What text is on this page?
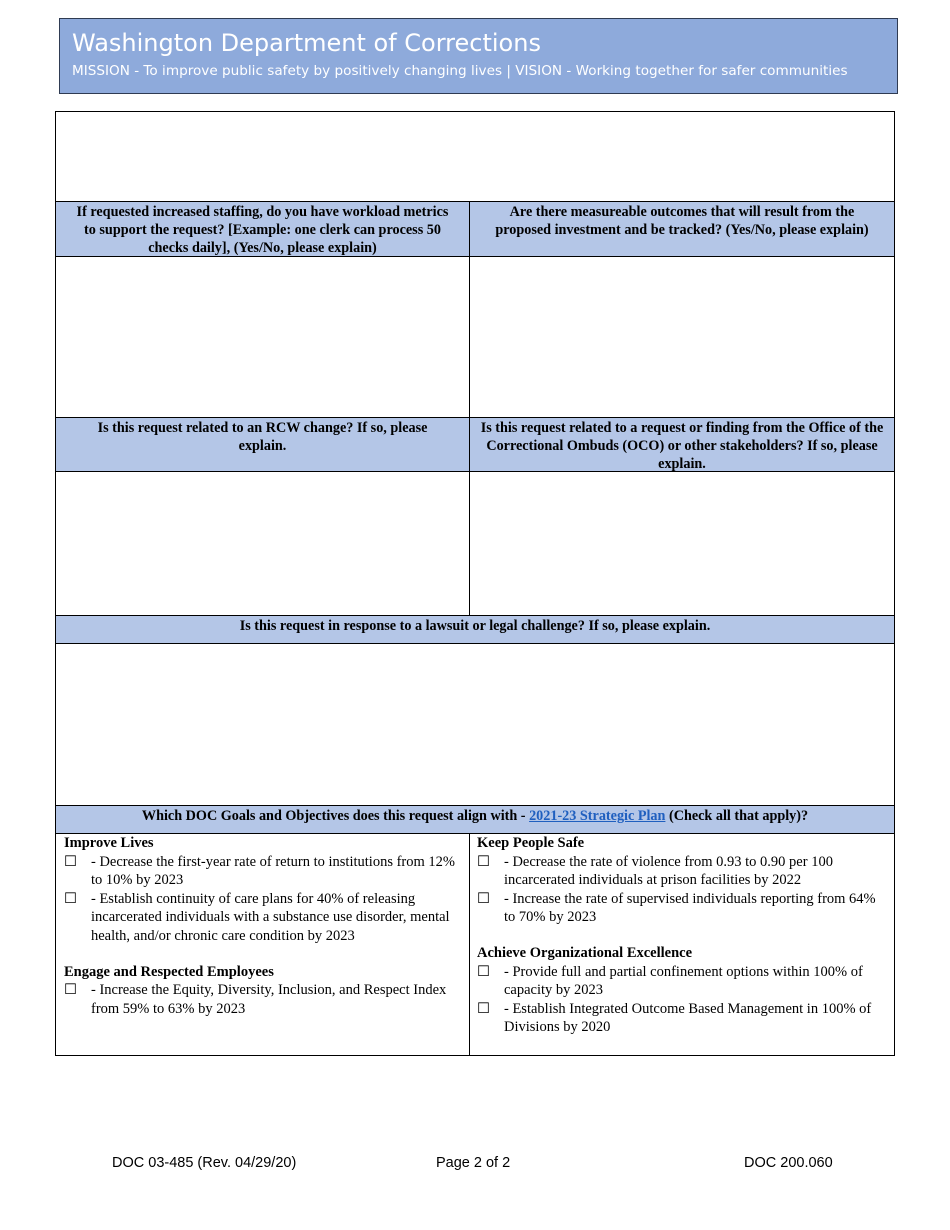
Washington Department of Corrections
MISSION - To improve public safety by positively changing lives | VISION - Working together for safer communities
If requested increased staffing, do you have workload metrics to support the request? [Example: one clerk can process 50 checks daily], (Yes/No, please explain)
Are there measureable outcomes that will result from the proposed investment and be tracked? (Yes/No, please explain)
Is this request related to an RCW change? If so, please explain.
Is this request related to a request or finding from the Office of the Correctional Ombuds (OCO) or other stakeholders? If so, please explain.
Is this request in response to a lawsuit or legal challenge? If so, please explain.
Which DOC Goals and Objectives does this request align with - 2021-23 Strategic Plan (Check all that apply)?
Improve Lives
☐ - Decrease the first-year rate of return to institutions from 12% to 10% by 2023
☐ - Establish continuity of care plans for 40% of releasing incarcerated individuals with a substance use disorder, mental health, and/or chronic care condition by 2023
Engage and Respected Employees
☐ - Increase the Equity, Diversity, Inclusion, and Respect Index from 59% to 63% by 2023
Keep People Safe
☐ - Decrease the rate of violence from 0.93 to 0.90 per 100 incarcerated individuals at prison facilities by 2022
☐ - Increase the rate of supervised individuals reporting from 64% to 70% by 2023
Achieve Organizational Excellence
☐ - Provide full and partial confinement options within 100% of capacity by 2023
☐ - Establish Integrated Outcome Based Management in 100% of Divisions by 2020
DOC 03-485 (Rev. 04/29/20)	Page 2 of 2	DOC 200.060
